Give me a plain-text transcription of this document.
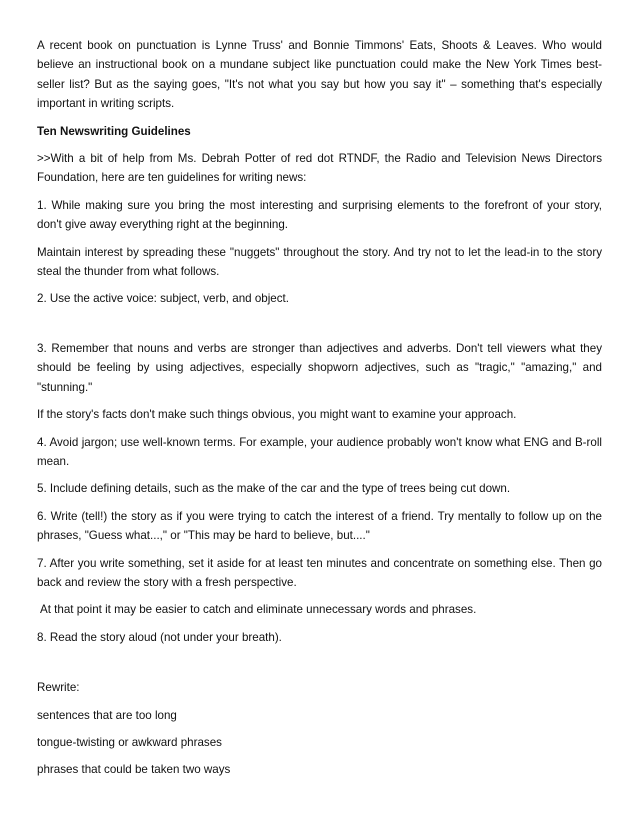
A recent book on punctuation is Lynne Truss' and Bonnie Timmons' Eats, Shoots & Leaves. Who would believe an instructional book on a mundane subject like punctuation could make the New York Times best-seller list? But as the saying goes, "It's not what you say but how you say it" – something that's especially important in writing scripts.

Ten Newswriting Guidelines

>>With a bit of help from Ms. Debrah Potter of red dot RTNDF, the Radio and Television News Directors Foundation, here are ten guidelines for writing news:

1. While making sure you bring the most interesting and surprising elements to the forefront of your story, don't give away everything right at the beginning.

Maintain interest by spreading these "nuggets" throughout the story. And try not to let the lead-in to the story steal the thunder from what follows.

2. Use the active voice: subject, verb, and object.

3. Remember that nouns and verbs are stronger than adjectives and adverbs. Don't tell viewers what they should be feeling by using adjectives, especially shopworn adjectives, such as "tragic," "amazing," and "stunning."

If the story's facts don't make such things obvious, you might want to examine your approach.

4. Avoid jargon; use well-known terms. For example, your audience probably won't know what ENG and B-roll mean.

5. Include defining details, such as the make of the car and the type of trees being cut down.

6. Write (tell!) the story as if you were trying to catch the interest of a friend. Try mentally to follow up on the phrases, "Guess what...," or "This may be hard to believe, but...."

7. After you write something, set it aside for at least ten minutes and concentrate on something else. Then go back and review the story with a fresh perspective.

At that point it may be easier to catch and eliminate unnecessary words and phrases.

8. Read the story aloud (not under your breath).

Rewrite:

sentences that are too long

tongue-twisting or awkward phrases

phrases that could be taken two ways
